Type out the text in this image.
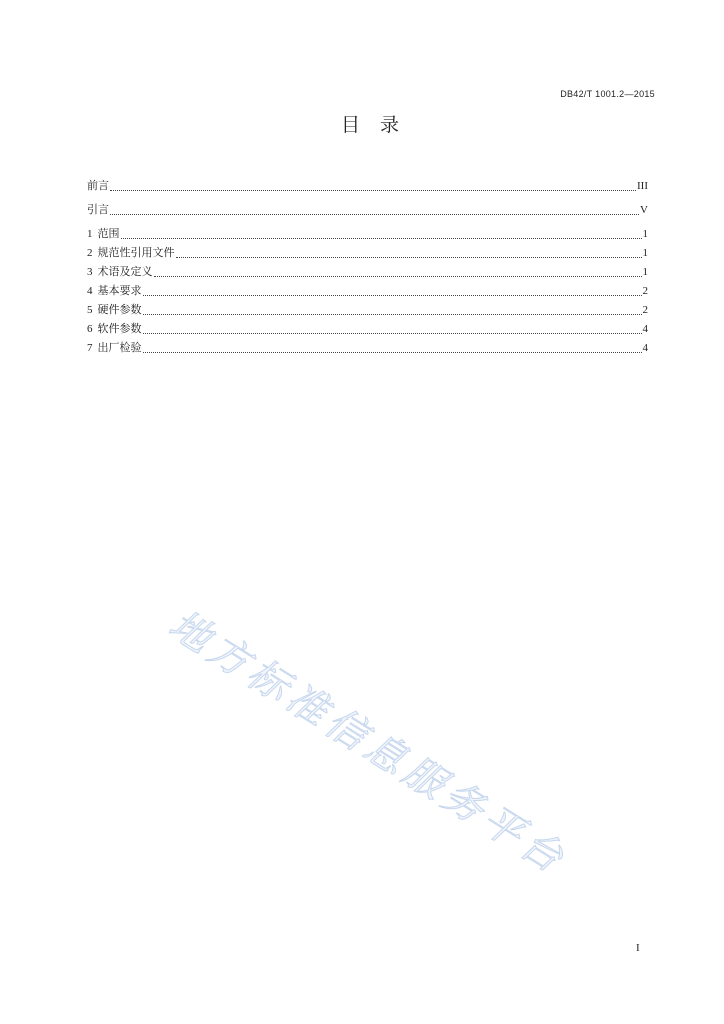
DB42/T 1001.2—2015
目 录
前言	III
引言	V
1 范围	1
2 规范性引用文件	1
3 术语及定义	1
4 基本要求	2
5 硬件参数	2
6 软件参数	4
7 出厂检验	4
地方标准信息服务平台
I
